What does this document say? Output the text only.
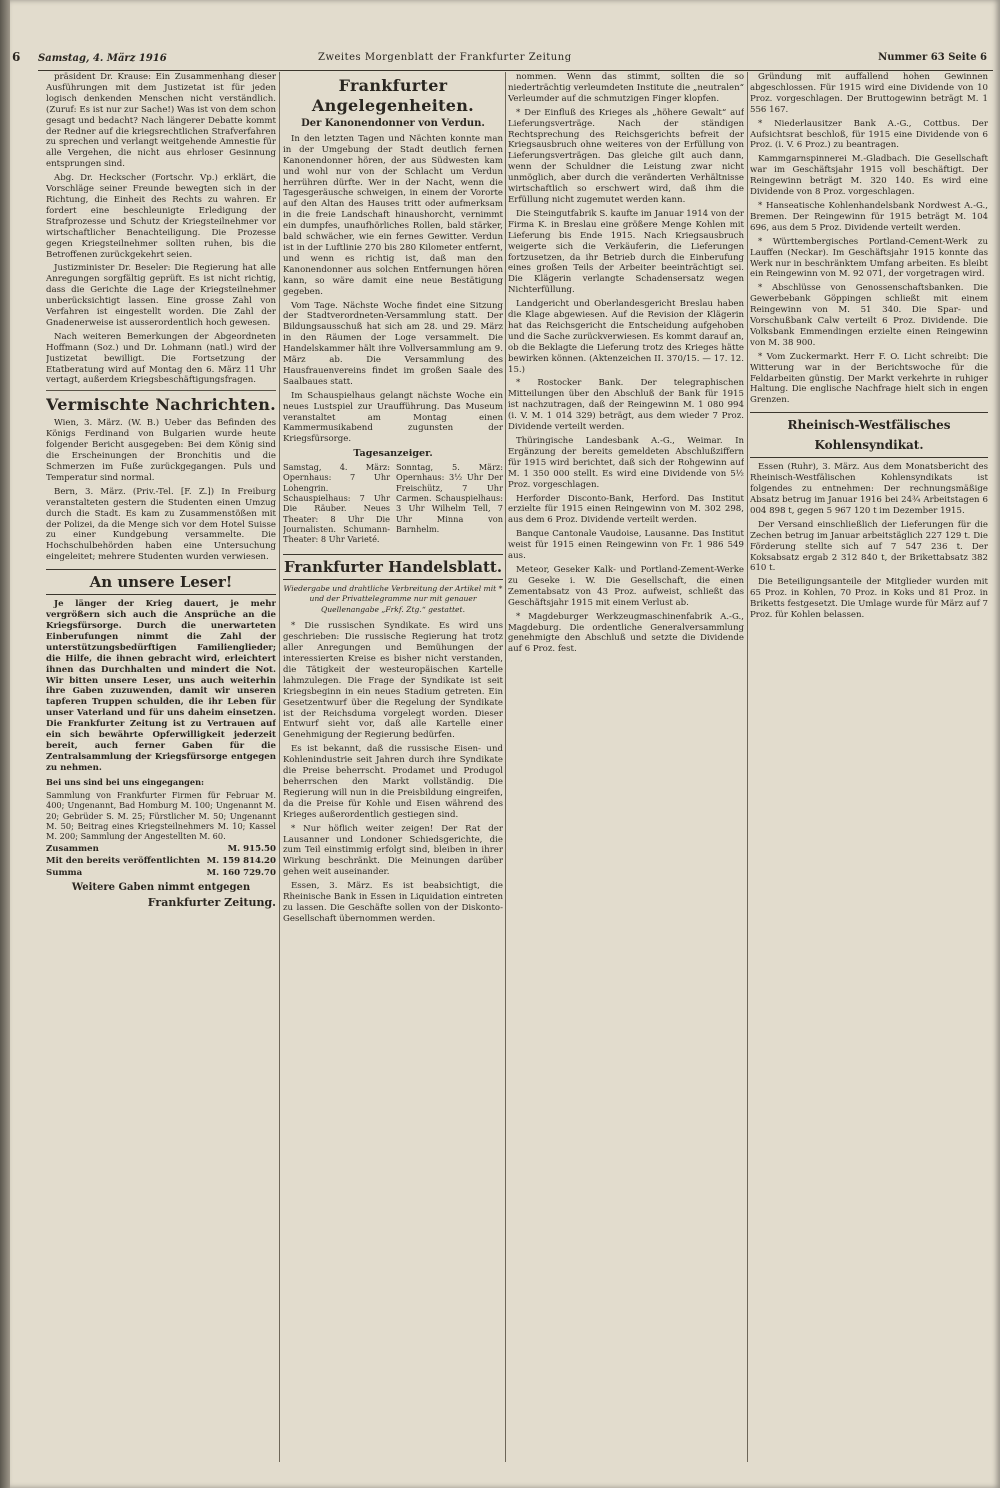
6 Samstag, 4. März 1916	Zweites Morgenblatt der Frankfurter Zeitung	Nummer 63 Seite 6

präsident Dr. Krause: Ein Zusammenhang dieser Ausführungen mit dem Justizetat ist für jeden logisch denkenden Menschen nicht verständlich. (Zuruf: Es ist nur zur Sache!) Was ist von dem schon gesagt und bedacht? Nach längerer Debatte kommt der Redner auf die kriegsrechtlichen Strafverfahren zu sprechen und verlangt weitgehende Amnestie für alle Vergehen, die nicht aus ehrloser Gesinnung entsprungen sind.

Abg. Dr. Heckscher (Fortschr. Vp.) erklärt, die Vorschläge seiner Freunde bewegten sich in der Richtung, die Einheit des Rechts zu wahren. Er fordert eine beschleunigte Erledigung der Strafprozesse und Schutz der Kriegsteilnehmer vor wirtschaftlicher Benachteiligung. Die Prozesse gegen Kriegsteilnehmer sollten ruhen, bis die Betroffenen zurückgekehrt seien.

Justizminister Dr. Beseler: Die Regierung hat alle Anregungen sorgfältig geprüft. Es ist nicht richtig, dass die Gerichte die Lage der Kriegsteilnehmer unberücksichtigt lassen. Eine grosse Zahl von Verfahren ist eingestellt worden. Die Zahl der Gnadenerweise ist ausserordentlich hoch gewesen.

Nach weiteren Bemerkungen der Abgeordneten Hoffmann (Soz.) und Dr. Lohmann (natl.) wird der Justizetat bewilligt. Die Fortsetzung der Etatberatung wird auf Montag den 6. März 11 Uhr vertagt, außerdem Kriegsbeschäftigungsfragen.

Vermischte Nachrichten.

Wien, 3. März. (W. B.) Ueber das Befinden des Königs Ferdinand von Bulgarien wurde heute folgender Bericht ausgegeben: Bei dem König sind die Erscheinungen der Bronchitis und die Schmerzen im Fuße zurückgegangen. Puls und Temperatur sind normal.

Bern, 3. März. (Priv.-Tel. [F. Z.]) In Freiburg veranstalteten gestern die Studenten einen Umzug durch die Stadt. Es kam zu Zusammenstößen mit der Polizei, da die Menge sich vor dem Hotel Suisse zu einer Kundgebung versammelte. Die Hochschulbehörden haben eine Untersuchung eingeleitet; mehrere Studenten wurden verwiesen.

An unsere Leser!

Je länger der Krieg dauert, je mehr vergrößern sich auch die Ansprüche an die Kriegsfürsorge. Durch die unerwarteten Einberufungen nimmt die Zahl der unterstützungsbedürftigen Familienglieder; die Hilfe, die ihnen gebracht wird, erleichtert ihnen das Durchhalten und mindert die Not. Wir bitten unsere Leser, uns auch weiterhin ihre Gaben zuzuwenden, damit wir unseren tapferen Truppen schulden, die ihr Leben für unser Vaterland und für uns daheim einsetzen. Die Frankfurter Zeitung ist zu Vertrauen auf ein sich bewährte Opferwilligkeit jederzeit bereit, auch ferner Gaben für die Zentralsammlung der Kriegsfürsorge entgegen zu nehmen.

Bei uns sind bei uns eingegangen:

Sammlung von Frankfurter Firmen für Februar M. 400; Ungenannt, Bad Homburg M. 100; Ungenannt M. 20; Gebrüder S. M. 25; Fürstlicher M. 50; Ungenannt M. 50; Beitrag eines Kriegsteilnehmers M. 10; Kassel M. 200; Sammlung der Angestellten M. 60.

Zusammen	M. 915.50
Mit den bereits veröffentlichten M. 159 814.20
Summa	M. 160 729.70
Weitere Gaben nimmt entgegen
Frankfurter Zeitung.
Frankfurter Angelegenheiten.
Der Kanonendonner von Verdun.

In den letzten Tagen und Nächten konnte man in der Umgebung der Stadt deutlich fernen Kanonendonner hören, der aus Südwesten kam und wohl nur von der Schlacht um Verdun herrühren dürfte. Wer in der Nacht, wenn die Tagesgeräusche schweigen, in einem der Vororte auf den Altan des Hauses tritt oder aufmerksam in die freie Landschaft hinaushorcht, vernimmt ein dumpfes, unaufhörliches Rollen, bald stärker, bald schwächer, wie ein fernes Gewitter. Verdun ist in der Luftlinie 270 bis 280 Kilometer entfernt, und wenn es richtig ist, daß man den Kanonendonner aus solchen Entfernungen hören kann, so wäre damit eine neue Bestätigung gegeben.

Vom Tage. Nächste Woche findet eine Sitzung der Stadtverordneten-Versammlung statt. Der Bildungsausschuß hat sich am 28. und 29. März in den Räumen der Loge versammelt. Die Handelskammer hält ihre Vollversammlung am 9. März ab. Die Versammlung des Hausfrauenvereins findet im großen Saale des Saalbaues statt.

Im Schauspielhaus gelangt nächste Woche ein neues Lustspiel zur Uraufführung. Das Museum veranstaltet am Montag einen Kammermusikabend zugunsten der Kriegsfürsorge.

Tagesanzeiger.

Samstag, 4. März: Opernhaus: 7 Uhr Lohengrin. Schauspielhaus: 7 Uhr Die Räuber. Neues Theater: 8 Uhr Die Journalisten. Schumann-Theater: 8 Uhr Varieté.

Sonntag, 5. März: Opernhaus: 3½ Uhr Der Freischütz, 7 Uhr Carmen. Schauspielhaus: 3 Uhr Wilhelm Tell, 7 Uhr Minna von Barnhelm.

Frankfurter Handelsblatt.
Wiedergabe und drahtliche Verbreitung der Artikel mit * und der Privattelegramme nur mit genauer Quellenangabe „Frkf. Ztg.“ gestattet.

* Die russischen Syndikate. Es wird uns geschrieben: Die russische Regierung hat trotz aller Anregungen und Bemühungen der interessierten Kreise es bisher nicht verstanden, die Tätigkeit der westeuropäischen Kartelle lahmzulegen. Die Frage der Syndikate ist seit Kriegsbeginn in ein neues Stadium getreten. Ein Gesetzentwurf über die Regelung der Syndikate ist der Reichsduma vorgelegt worden. Dieser Entwurf sieht vor, daß alle Kartelle einer Genehmigung der Regierung bedürfen.

Es ist bekannt, daß die russische Eisen- und Kohlenindustrie seit Jahren durch ihre Syndikate die Preise beherrscht. Prodamet und Produgol beherrschen den Markt vollständig. Die Regierung will nun in die Preisbildung eingreifen, da die Preise für Kohle und Eisen während des Krieges außerordentlich gestiegen sind.

* Nur höflich weiter zeigen! Der Rat der Lausanner und Londoner Schiedsgerichte, die zum Teil einstimmig erfolgt sind, bleiben in ihrer Wirkung beschränkt. Die Meinungen darüber gehen weit auseinander.

Essen, 3. März. Es ist beabsichtigt, die Rheinische Bank in Essen in Liquidation eintreten zu lassen. Die Geschäfte sollen von der Diskonto-Gesellschaft übernommen werden.

nommen. Wenn das stimmt, sollten die so niederträchtig verleumdeten Institute die „neutralen“ Verleumder auf die schmutzigen Finger klopfen.

* Der Einfluß des Krieges als „höhere Gewalt“ auf Lieferungsverträge. Nach der ständigen Rechtsprechung des Reichsgerichts befreit der Kriegsausbruch ohne weiteres von der Erfüllung von Lieferungsverträgen. Das gleiche gilt auch dann, wenn der Schuldner die Leistung zwar nicht unmöglich, aber durch die veränderten Verhältnisse wirtschaftlich so erschwert wird, daß ihm die Erfüllung nicht zugemutet werden kann.

Die Steingutfabrik S. kaufte im Januar 1914 von der Firma K. in Breslau eine größere Menge Kohlen mit Lieferung bis Ende 1915. Nach Kriegsausbruch weigerte sich die Verkäuferin, die Lieferungen fortzusetzen, da ihr Betrieb durch die Einberufung eines großen Teils der Arbeiter beeinträchtigt sei. Die Klägerin verlangte Schadensersatz wegen Nichterfüllung.

Landgericht und Oberlandesgericht Breslau haben die Klage abgewiesen. Auf die Revision der Klägerin hat das Reichsgericht die Entscheidung aufgehoben und die Sache zurückverwiesen. Es kommt darauf an, ob die Beklagte die Lieferung trotz des Krieges hätte bewirken können. (Aktenzeichen II. 370/15. — 17. 12. 15.)

* Rostocker Bank. Der telegraphischen Mitteilungen über den Abschluß der Bank für 1915 ist nachzutragen, daß der Reingewinn M. 1 080 994 (i. V. M. 1 014 329) beträgt, aus dem wieder 7 Proz. Dividende verteilt werden.

Thüringische Landesbank A.-G., Weimar. In Ergänzung der bereits gemeldeten Abschlußziffern für 1915 wird berichtet, daß sich der Rohgewinn auf M. 1 350 000 stellt. Es wird eine Dividende von 5½ Proz. vorgeschlagen.

Herforder Disconto-Bank, Herford. Das Institut erzielte für 1915 einen Reingewinn von M. 302 298, aus dem 6 Proz. Dividende verteilt werden.

Banque Cantonale Vaudoise, Lausanne. Das Institut weist für 1915 einen Reingewinn von Fr. 1 986 549 aus.

Meteor, Geseker Kalk- und Portland-Zement-Werke zu Geseke i. W. Die Gesellschaft, die einen Zementabsatz von 43 Proz. aufweist, schließt das Geschäftsjahr 1915 mit einem Verlust ab.

* Magdeburger Werkzeugmaschinenfabrik A.-G., Magdeburg. Die ordentliche Generalversammlung genehmigte den Abschluß und setzte die Dividende auf 6 Proz. fest.

Gründung mit auffallend hohen Gewinnen abgeschlossen. Für 1915 wird eine Dividende von 10 Proz. vorgeschlagen. Der Bruttogewinn beträgt M. 1 556 167.

* Niederlausitzer Bank A.-G., Cottbus. Der Aufsichtsrat beschloß, für 1915 eine Dividende von 6 Proz. (i. V. 6 Proz.) zu beantragen.

Kammgarnspinnerei M.-Gladbach. Die Gesellschaft war im Geschäftsjahr 1915 voll beschäftigt. Der Reingewinn beträgt M. 320 140. Es wird eine Dividende von 8 Proz. vorgeschlagen.

* Hanseatische Kohlenhandelsbank Nordwest A.-G., Bremen. Der Reingewinn für 1915 beträgt M. 104 696, aus dem 5 Proz. Dividende verteilt werden.

* Württembergisches Portland-Cement-Werk zu Lauffen (Neckar). Im Geschäftsjahr 1915 konnte das Werk nur in beschränktem Umfang arbeiten. Es bleibt ein Reingewinn von M. 92 071, der vorgetragen wird.

* Abschlüsse von Genossenschaftsbanken. Die Gewerbebank Göppingen schließt mit einem Reingewinn von M. 51 340. Die Spar- und Vorschußbank Calw verteilt 6 Proz. Dividende. Die Volksbank Emmendingen erzielte einen Reingewinn von M. 38 900.

* Vom Zuckermarkt. Herr F. O. Licht schreibt: Die Witterung war in der Berichtswoche für die Feldarbeiten günstig. Der Markt verkehrte in ruhiger Haltung. Die englische Nachfrage hielt sich in engen Grenzen.

Rheinisch-Westfälisches Kohlensyndikat.

Essen (Ruhr), 3. März. Aus dem Monatsbericht des Rheinisch-Westfälischen Kohlensyndikats ist folgendes zu entnehmen: Der rechnungsmäßige Absatz betrug im Januar 1916 bei 24¾ Arbeitstagen 6 004 898 t, gegen 5 967 120 t im Dezember 1915.

Der Versand einschließlich der Lieferungen für die Zechen betrug im Januar arbeitstäglich 227 129 t. Die Förderung stellte sich auf 7 547 236 t. Der Koksabsatz ergab 2 312 840 t, der Brikettabsatz 382 610 t.

Die Beteiligungsanteile der Mitglieder wurden mit 65 Proz. in Kohlen, 70 Proz. in Koks und 81 Proz. in Briketts festgesetzt. Die Umlage wurde für März auf 7 Proz. für Kohlen belassen.
